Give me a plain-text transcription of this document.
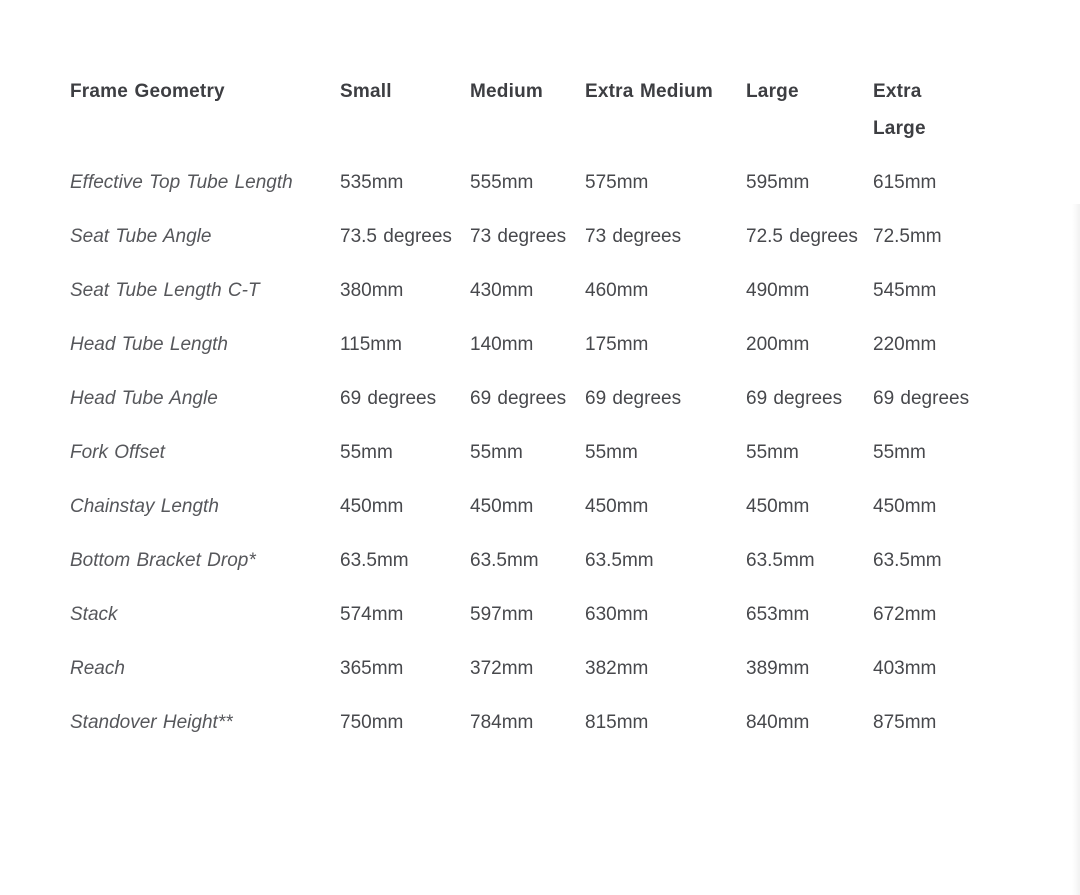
Frame Geometry	Small	Medium	Extra Medium	Large	Extra Large
Effective Top Tube Length	535mm	555mm	575mm	595mm	615mm
Seat Tube Angle	73.5 degrees	73 degrees	73 degrees	72.5 degrees	72.5mm
Seat Tube Length C-T	380mm	430mm	460mm	490mm	545mm
Head Tube Length	115mm	140mm	175mm	200mm	220mm
Head Tube Angle	69 degrees	69 degrees	69 degrees	69 degrees	69 degrees
Fork Offset	55mm	55mm	55mm	55mm	55mm
Chainstay Length	450mm	450mm	450mm	450mm	450mm
Bottom Bracket Drop*	63.5mm	63.5mm	63.5mm	63.5mm	63.5mm
Stack	574mm	597mm	630mm	653mm	672mm
Reach	365mm	372mm	382mm	389mm	403mm
Standover Height**	750mm	784mm	815mm	840mm	875mm
